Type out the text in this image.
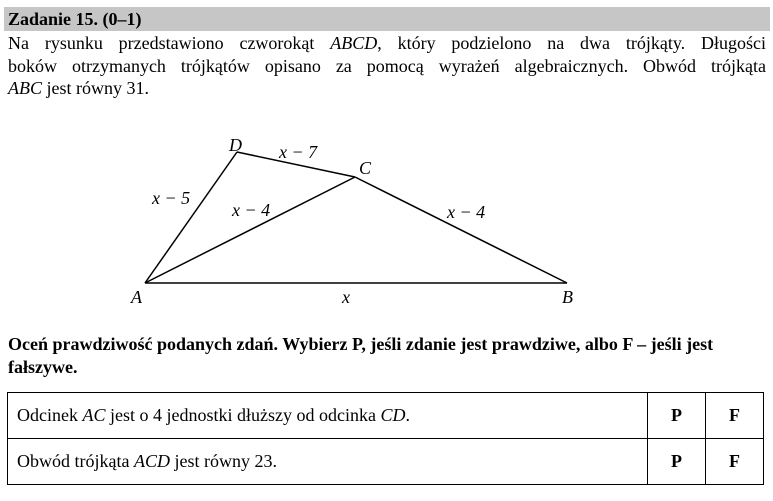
Zadanie 15. (0–1)
Na rysunku przedstawiono czworokąt ABCD, który podzielono na dwa trójkąty. Długości
boków otrzymanych trójkątów opisano za pomocą wyrażeń algebraicznych. Obwód trójkąta
ABC jest równy 31.
D
C
A	B
x − 5
x − 7
x − 4	x − 4
x
Oceń prawdziwość podanych zdań. Wybierz P, jeśli zdanie jest prawdziwe, albo F – jeśli jest fałszywe.
Odcinek AC jest o 4 jednostki dłuższy od odcinka CD.	P	F
Obwód trójkąta ACD jest równy 23.	P	F
